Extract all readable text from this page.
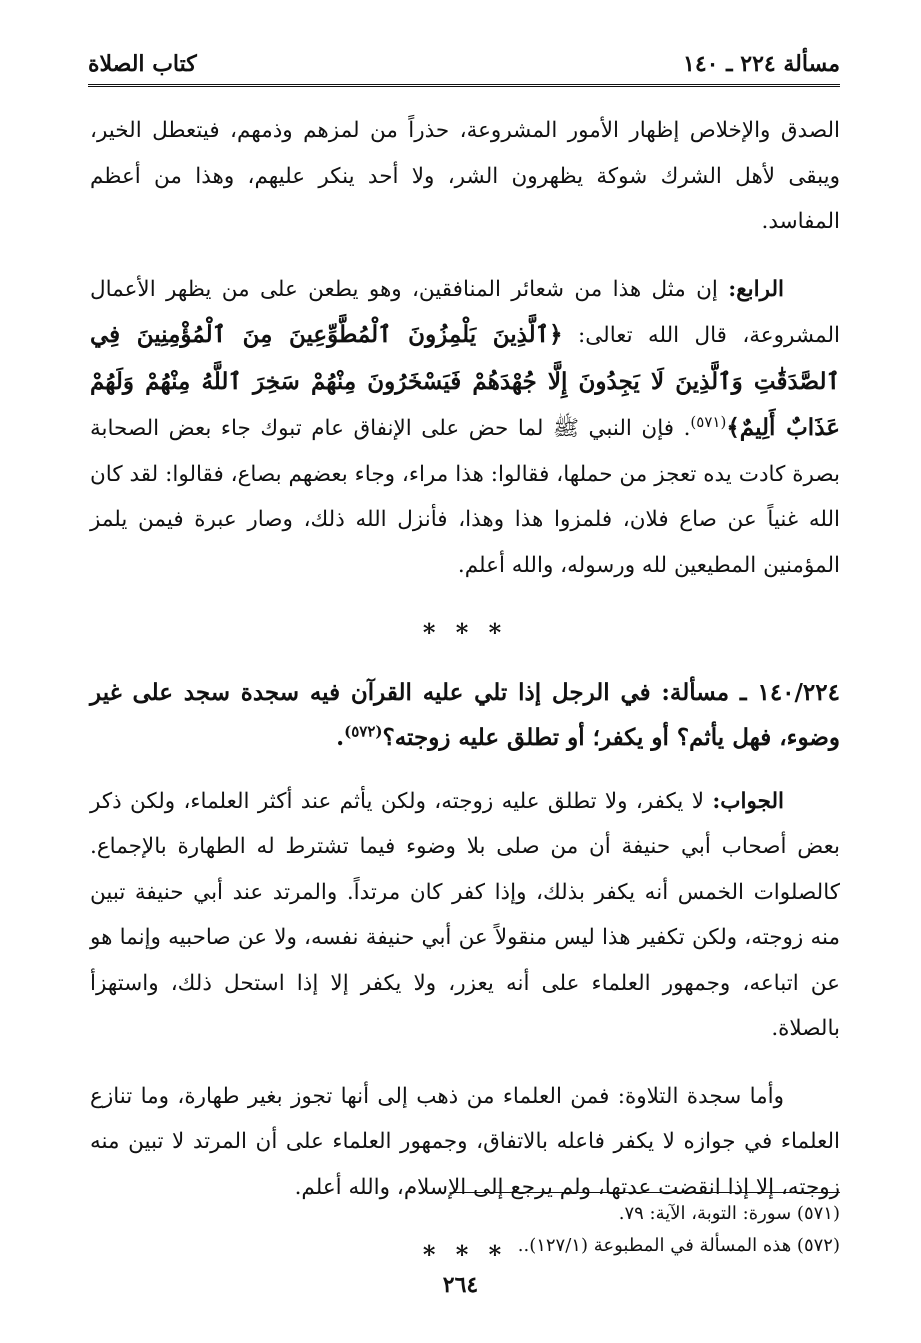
مسألة ٢٢٤ ـ ١٤٠
كتاب الصلاة

الصدق والإخلاص إظهار الأمور المشروعة، حذراً من لمزهم وذمهم، فيتعطل الخير، ويبقى لأهل الشرك شوكة يظهرون الشر، ولا أحد ينكر عليهم، وهذا من أعظم المفاسد.

الرابع: إن مثل هذا من شعائر المنافقين، وهو يطعن على من يظهر الأعمال المشروعة، قال الله تعالى: ﴿ٱلَّذِينَ يَلْمِزُونَ ٱلْمُطَّوِّعِينَ مِنَ ٱلْمُؤْمِنِينَ فِي ٱلصَّدَقَٰتِ وَٱلَّذِينَ لَا يَجِدُونَ إِلَّا جُهْدَهُمْ فَيَسْخَرُونَ مِنْهُمْ سَخِرَ ٱللَّهُ مِنْهُمْ وَلَهُمْ عَذَابٌ أَلِيمٌ﴾$^{(٥٧١)}$. فإن النبي ﷺ لما حض على الإنفاق عام تبوك جاء بعض الصحابة بصرة كادت يده تعجز من حملها، فقالوا: هذا مراء، وجاء بعضهم بصاع، فقالوا: لقد كان الله غنياً عن صاع فلان، فلمزوا هذا وهذا، فأنزل الله ذلك، وصار عبرة فيمن يلمز المؤمنين المطيعين لله ورسوله، والله أعلم.

* * *

١٤٠/٢٢٤ ـ مسألة: في الرجل إذا تلي عليه القرآن فيه سجدة سجد على غير وضوء، فهل يأثم؟ أو يكفر؛ أو تطلق عليه زوجته؟$^{(٥٧٢)}$.

الجواب: لا يكفر، ولا تطلق عليه زوجته، ولكن يأثم عند أكثر العلماء، ولكن ذكر بعض أصحاب أبي حنيفة أن من صلى بلا وضوء فيما تشترط له الطهارة بالإجماع. كالصلوات الخمس أنه يكفر بذلك، وإذا كفر كان مرتداً. والمرتد عند أبي حنيفة تبين منه زوجته، ولكن تكفير هذا ليس منقولاً عن أبي حنيفة نفسه، ولا عن صاحبيه وإنما هو عن اتباعه، وجمهور العلماء على أنه يعزر، ولا يكفر إلا إذا استحل ذلك، واستهزأ بالصلاة.

وأما سجدة التلاوة: فمن العلماء من ذهب إلى أنها تجوز بغير طهارة، وما تنازع العلماء في جوازه لا يكفر فاعله بالاتفاق، وجمهور العلماء على أن المرتد لا تبين منه زوجته، إلا إذا انقضت عدتها، ولم يرجع إلى الإسلام، والله أعلم.

* * *
(٥٧١) سورة: التوبة، الآية: ٧٩.
(٥٧٢) هذه المسألة في المطبوعة (١٢٧/١)..
٢٦٤
